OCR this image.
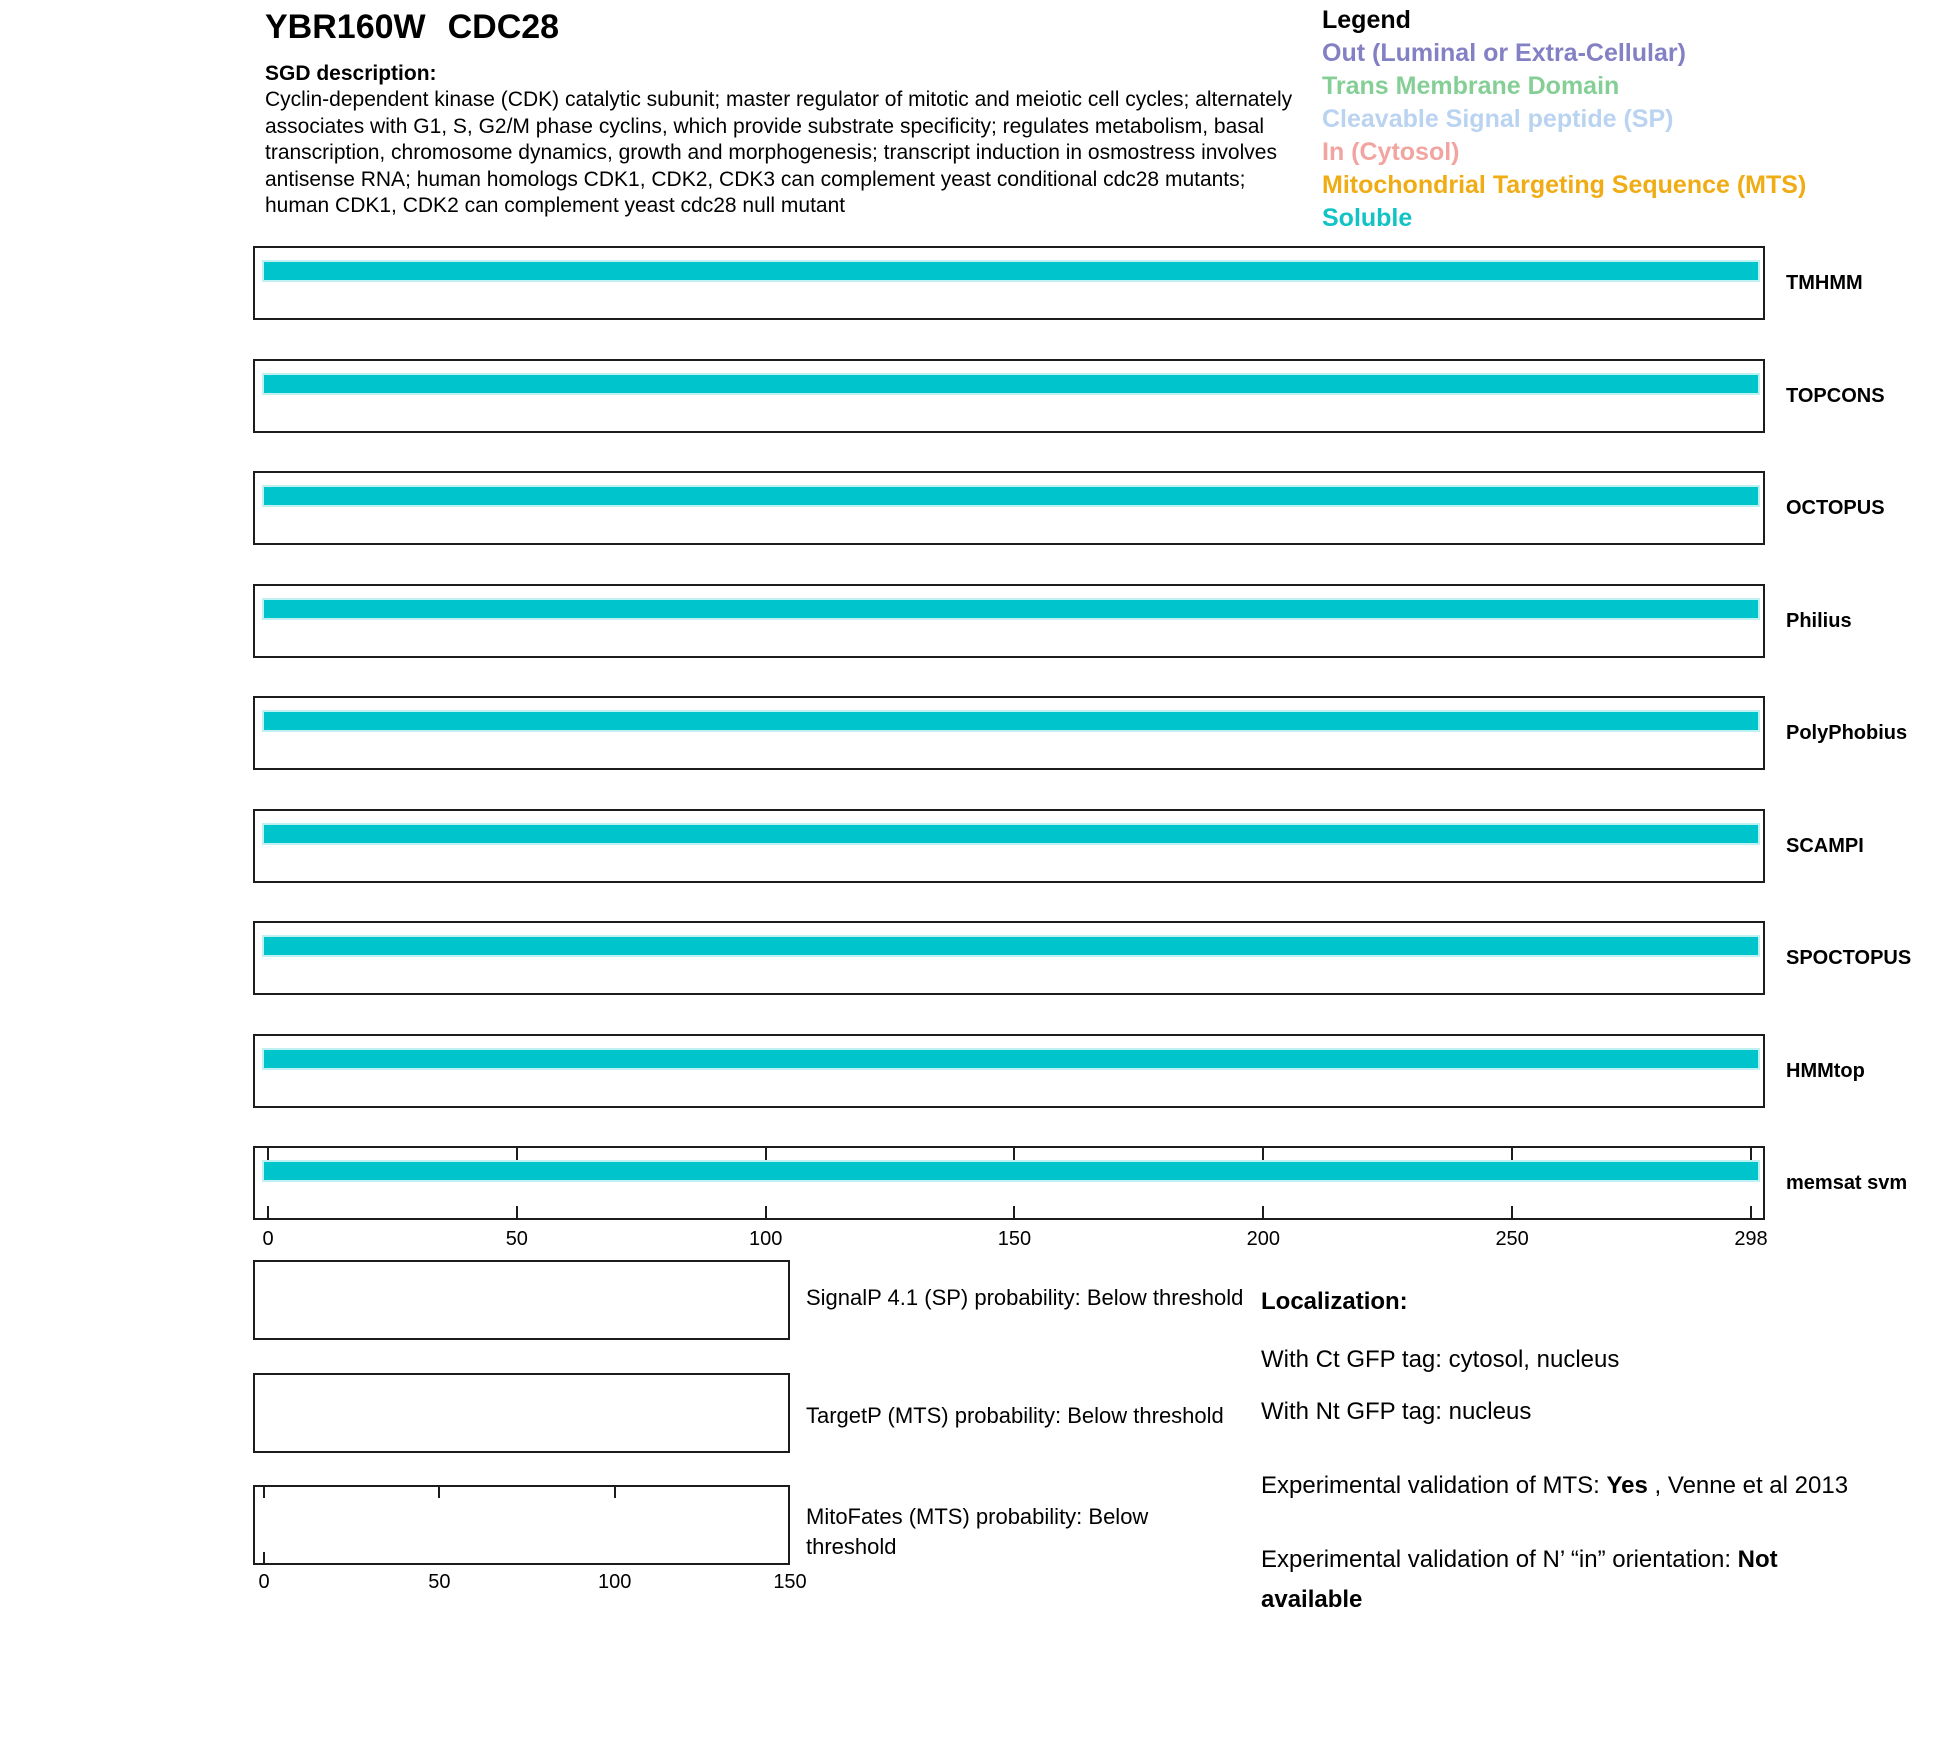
YBR160W CDC28
SGD description:
Cyclin-dependent kinase (CDK) catalytic subunit; master regulator of mitotic and meiotic cell cycles; alternately associates with G1, S, G2/M phase cyclins, which provide substrate specificity; regulates metabolism, basal transcription, chromosome dynamics, growth and morphogenesis; transcript induction in osmostress involves antisense RNA; human homologs CDK1, CDK2, CDK3 can complement yeast conditional cdc28 mutants; human CDK1, CDK2 can complement yeast cdc28 null mutant
Legend
Out (Luminal or Extra-Cellular)
Trans Membrane Domain
Cleavable Signal peptide (SP)
In (Cytosol)
Mitochondrial Targeting Sequence (MTS)
Soluble
TMHMM
TOPCONS
OCTOPUS
Philius
PolyPhobius
SCAMPI
SPOCTOPUS
HMMtop
memsat svm
0	50	100	150	200	250	298
0	50	100	150
SignalP 4.1 (SP) probability: Below threshold
TargetP (MTS) probability: Below threshold
MitoFates (MTS) probability: Below threshold
Localization:
With Ct GFP tag: cytosol, nucleus
With Nt GFP tag: nucleus
Experimental validation of MTS: Yes , Venne et al 2013
Experimental validation of N’ “in” orientation: Not available
